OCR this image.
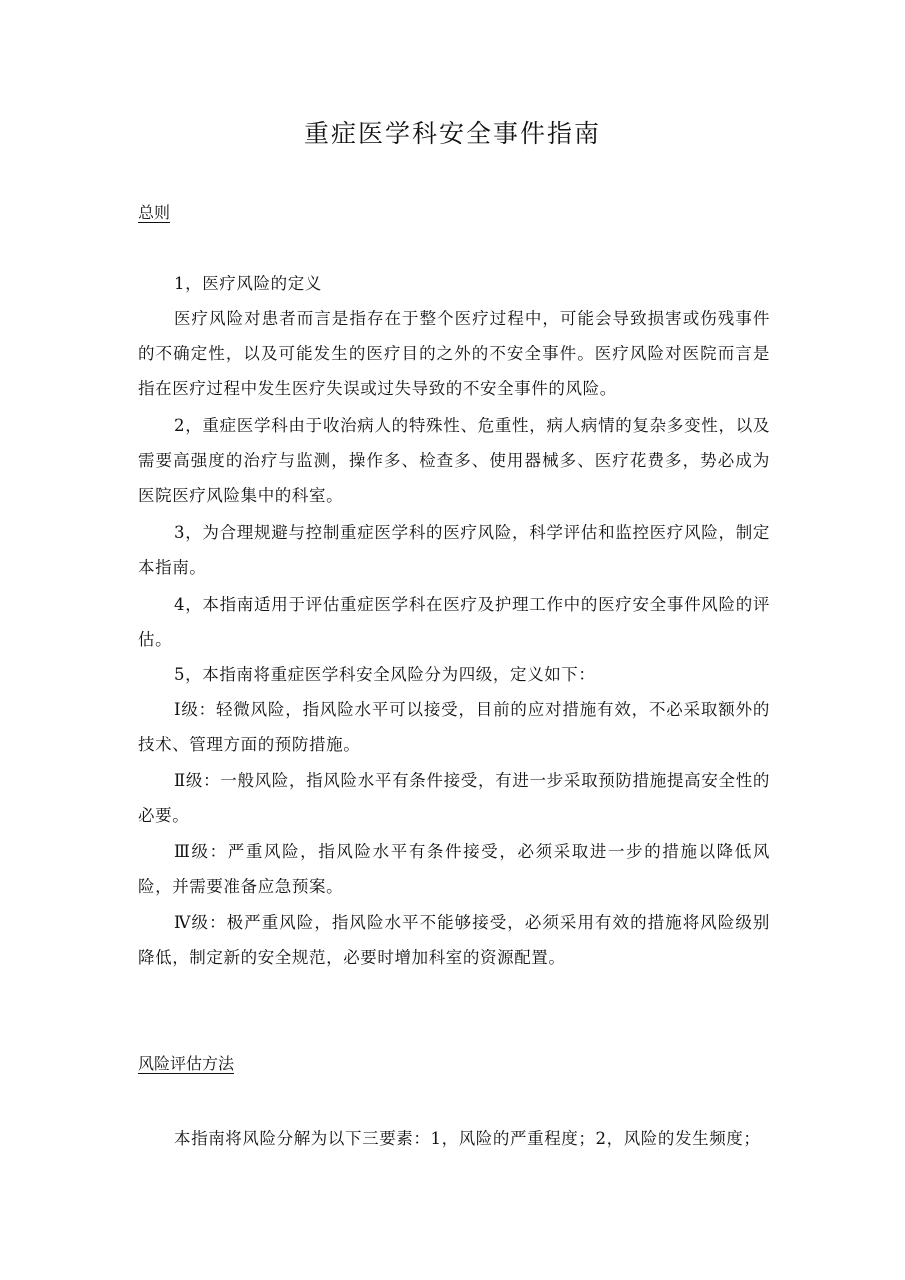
重症医学科安全事件指南
总则

1，医疗风险的定义

医疗风险对患者而言是指存在于整个医疗过程中，可能会导致损害或伤残事件的不确定性，以及可能发生的医疗目的之外的不安全事件。医疗风险对医院而言是指在医疗过程中发生医疗失误或过失导致的不安全事件的风险。

2，重症医学科由于收治病人的特殊性、危重性，病人病情的复杂多变性，以及需要高强度的治疗与监测，操作多、检查多、使用器械多、医疗花费多，势必成为医院医疗风险集中的科室。

3，为合理规避与控制重症医学科的医疗风险，科学评估和监控医疗风险，制定本指南。

4，本指南适用于评估重症医学科在医疗及护理工作中的医疗安全事件风险的评估。

5，本指南将重症医学科安全风险分为四级，定义如下：

Ⅰ级：轻微风险，指风险水平可以接受，目前的应对措施有效，不必采取额外的技术、管理方面的预防措施。

Ⅱ级：一般风险，指风险水平有条件接受，有进一步采取预防措施提高安全性的必要。

Ⅲ级：严重风险，指风险水平有条件接受，必须采取进一步的措施以降低风险，并需要准备应急预案。

Ⅳ级：极严重风险，指风险水平不能够接受，必须采用有效的措施将风险级别降低，制定新的安全规范，必要时增加科室的资源配置。

风险评估方法

本指南将风险分解为以下三要素：1，风险的严重程度；2，风险的发生频度；
